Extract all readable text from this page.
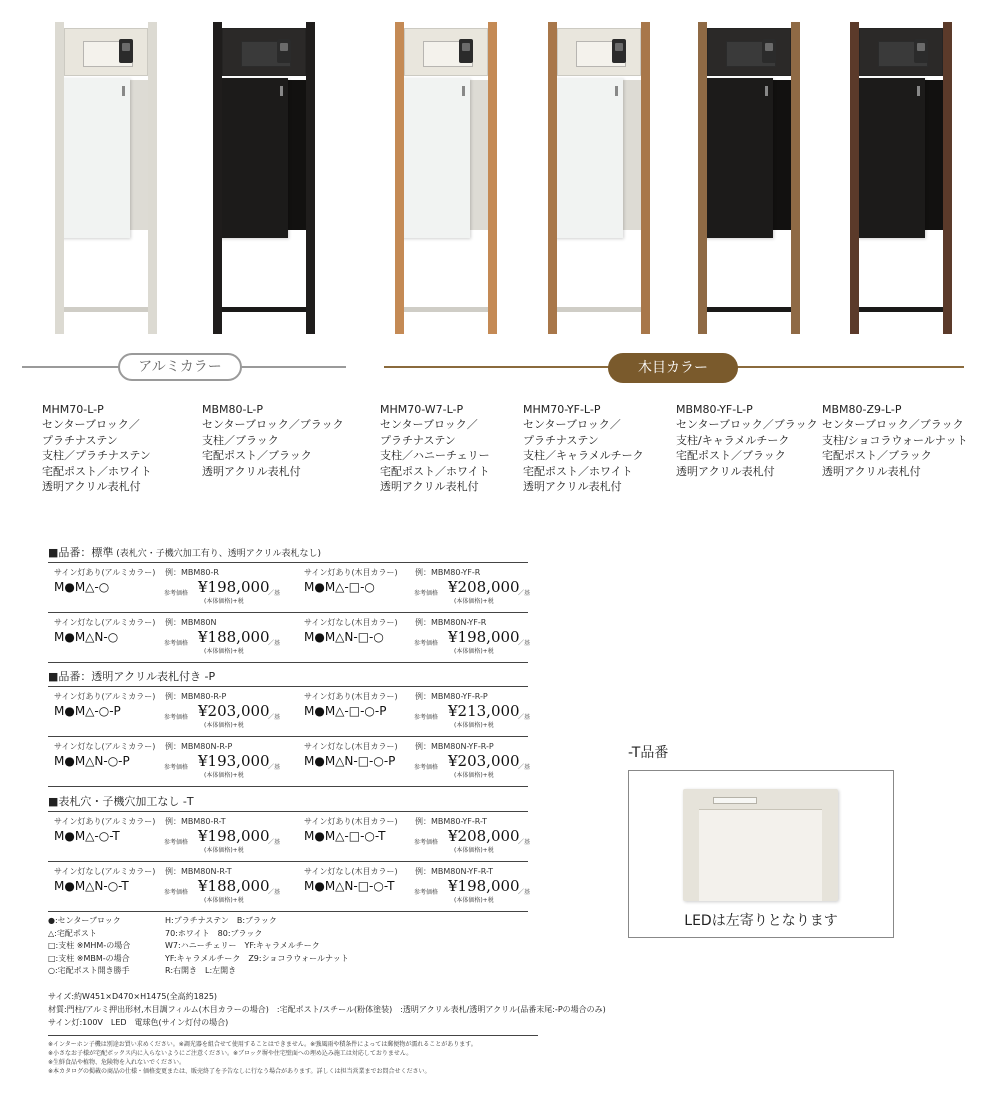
アルミカラー	木目カラー
MHM70-L-P
センターブロック／
プラチナステン
支柱／プラチナステン
宅配ポスト／ホワイト
透明アクリル表札付
MBM80-L-P
センターブロック／ブラック
支柱／ブラック
宅配ポスト／ブラック
透明アクリル表札付
MHM70-W7-L-P
センターブロック／
プラチナステン
支柱／ハニーチェリー
宅配ポスト／ホワイト
透明アクリル表札付
MHM70-YF-L-P
センターブロック／
プラチナステン
支柱／キャラメルチーク
宅配ポスト／ホワイト
透明アクリル表札付
MBM80-YF-L-P
センターブロック／ブラック
支柱/キャラメルチーク
宅配ポスト／ブラック
透明アクリル表札付
MBM80-Z9-L-P
センターブロック／ブラック
支柱/ショコラウォールナット
宅配ポスト／ブラック
透明アクリル表札付
■品番：標準 (表札穴・子機穴加工有り、透明アクリル表札なし)
サイン灯あり(アルミカラー) 例：MBM80-R
M●M△-○	参考価格 ¥198,000
／基
(本体価格)+税
サイン灯あり(木目カラー) 例：MBM80-YF-R
M●M△-□-○	参考価格 ¥208,000
／基
(本体価格)+税
サイン灯なし(アルミカラー) 例：MBM80N
M●M△N-○	参考価格 ¥188,000
／基
(本体価格)+税
サイン灯なし(木目カラー) 例：MBM80N-YF-R
M●M△N-□-○	参考価格 ¥198,000
／基
(本体価格)+税
■品番：透明アクリル表札付き -P
サイン灯あり(アルミカラー) 例：MBM80-R-P
M●M△-○-P	参考価格 ¥203,000
／基
(本体価格)+税
サイン灯あり(木目カラー) 例：MBM80-YF-R-P
M●M△-□-○-P	参考価格 ¥213,000
／基
(本体価格)+税
サイン灯なし(アルミカラー) 例：MBM80N-R-P
M●M△N-○-P	参考価格 ¥193,000
／基
(本体価格)+税
サイン灯なし(木目カラー) 例：MBM80N-YF-R-P
M●M△N-□-○-P	参考価格 ¥203,000
／基
(本体価格)+税
■表札穴・子機穴加工なし -T
サイン灯あり(アルミカラー) 例：MBM80-R-T
M●M△-○-T	参考価格 ¥198,000
／基
(本体価格)+税
サイン灯あり(木目カラー) 例：MBM80-YF-R-T
M●M△-□-○-T	参考価格 ¥208,000
／基
(本体価格)+税
サイン灯なし(アルミカラー) 例：MBM80N-R-T
M●M△N-○-T	参考価格 ¥188,000
／基
(本体価格)+税
サイン灯なし(木目カラー) 例：MBM80N-YF-R-T
M●M△N-□-○-T	参考価格 ¥198,000
／基
(本体価格)+税
●:センターブロック
△:宅配ポスト
□:支柱 ※MHM-の場合
□:支柱 ※MBM-の場合
○:宅配ポスト開き勝手
H:プラチナステン　B:ブラック
70:ホワイト　80:ブラック
W7:ハニーチェリー　YF:キャラメルチーク
YF:キャラメルチーク　Z9:ショコラウォールナット
R:右開き　L:左開き
サイズ:約W451×D470×H1475(全高約1825)
材質:門柱/アルミ押出形材,木目調フィルム(木目カラーの場合)　:宅配ポスト/スチール(粉体塗装)　:透明アクリル表札/透明アクリル(品番末尾:-Pの場合のみ)
サイン灯:100V　LED　電球色(サイン灯付の場合)
※インターホン子機は別途お買い求めください。※調光器を組合せて使用することはできません。※強風雨や積条件によっては郵便物が濡れることがあります。
※小さなお子様が宅配ボックス内に入らないようにご注意ください。※ブロック塀や住宅壁面への埋め込み施工は対応しておりません。
※生鮮食品や植物、危険物を入れないでください。
※本カタログの掲載の商品の仕様・価格変更または、販売終了を予告なしに行なう場合があります。詳しくは担当営業までお問合せください。
-T品番
LEDは左寄りとなります
